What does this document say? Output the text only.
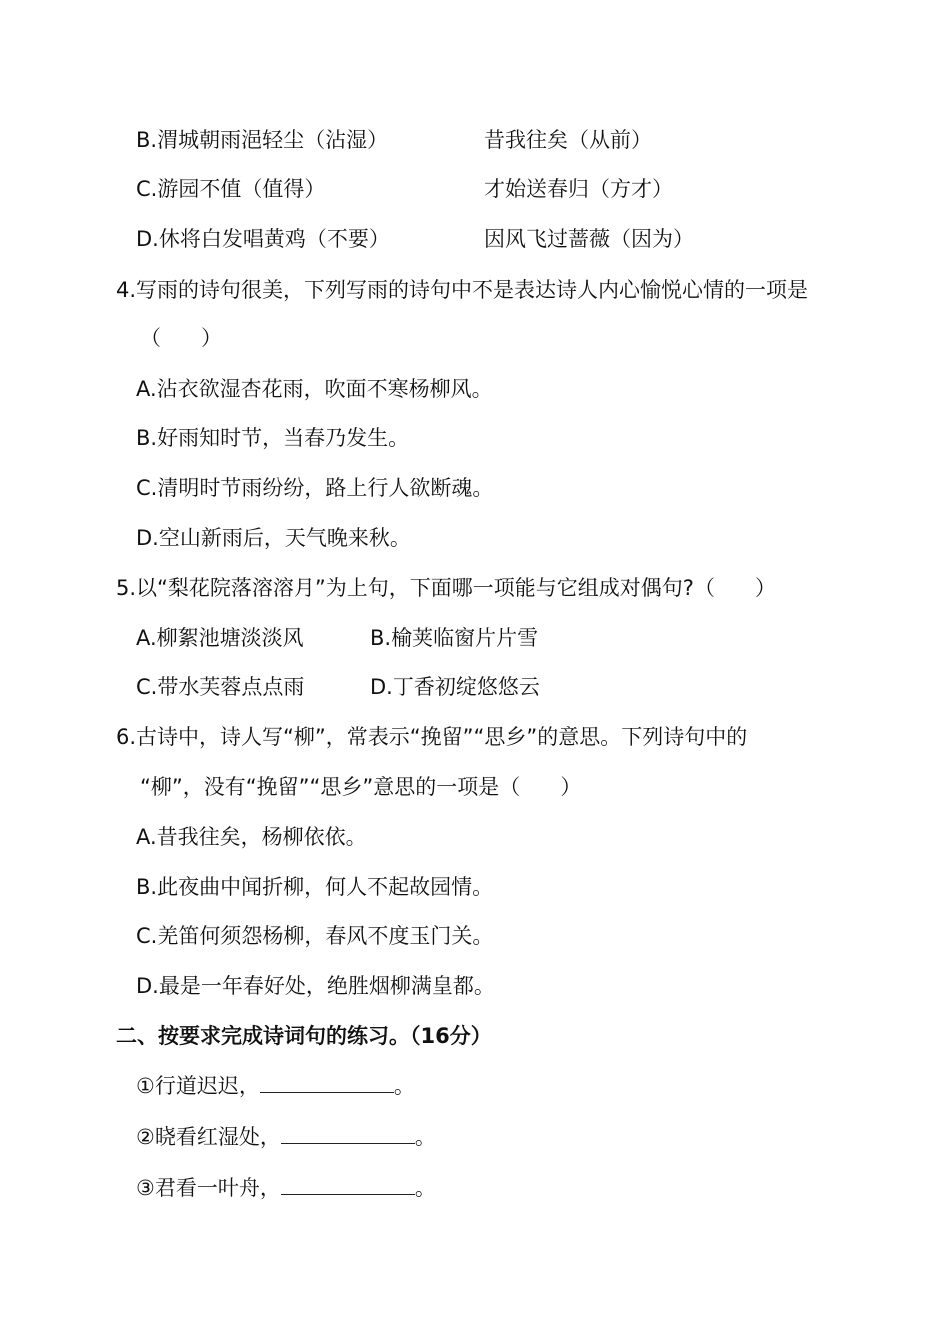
B.渭城朝雨浥轻尘（沾湿）	昔我往矣（从前）
C.游园不值（值得）	才始送春归（方才）
D.休将白发唱黄鸡（不要）	因风飞过蔷薇（因为）
4.写雨的诗句很美，下列写雨的诗句中不是表达诗人内心愉悦心情的一项是
（      ）
A.沾衣欲湿杏花雨，吹面不寒杨柳风。
B.好雨知时节，当春乃发生。
C.清明时节雨纷纷，路上行人欲断魂。
D.空山新雨后，天气晚来秋。
5.以“梨花院落溶溶月”为上句，下面哪一项能与它组成对偶句?（      ）
A.柳絮池塘淡淡风	B.榆荚临窗片片雪
C.带水芙蓉点点雨	D.丁香初绽悠悠云
6.古诗中，诗人写“柳”，常表示“挽留”“思乡”的意思。下列诗句中的
“柳”，没有“挽留”“思乡”意思的一项是（      ）
A.昔我往矣，杨柳依依。
B.此夜曲中闻折柳，何人不起故园情。
C.羌笛何须怨杨柳，春风不度玉门关。
D.最是一年春好处，绝胜烟柳满皇都。
二、按要求完成诗词句的练习。（16分）
①行道迟迟，	。
②晓看红湿处，	。
③君看一叶舟，	。
